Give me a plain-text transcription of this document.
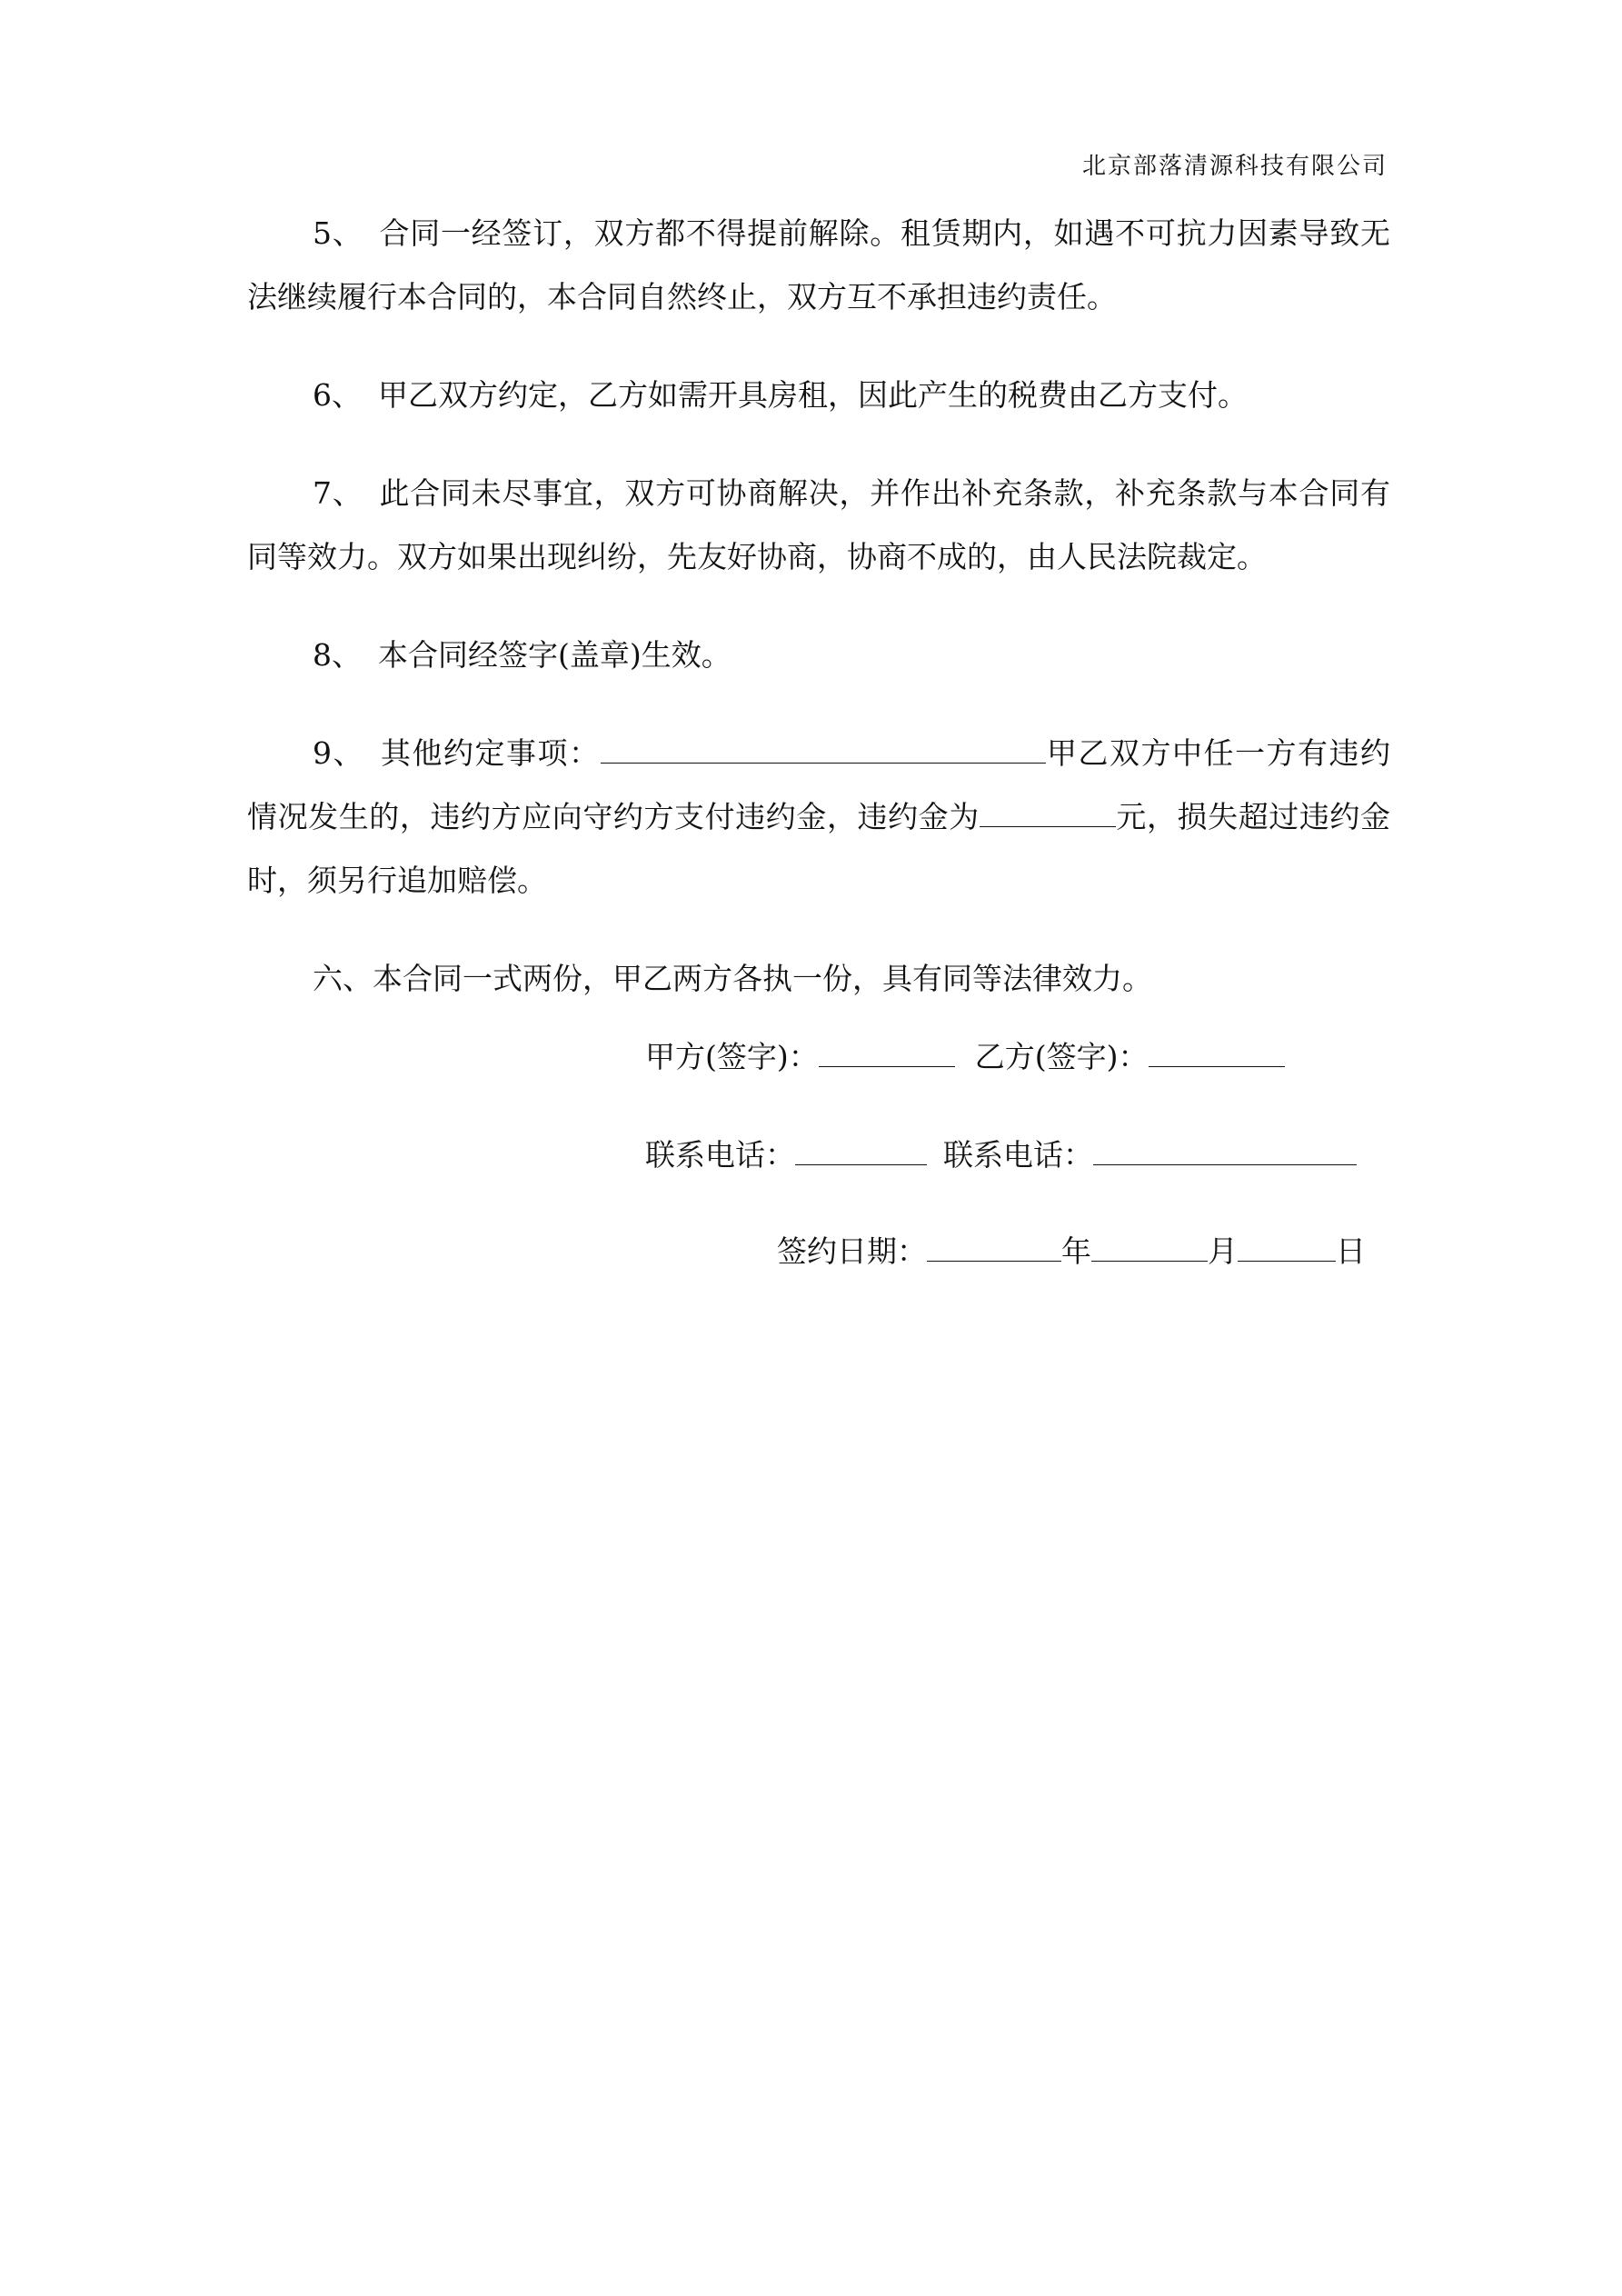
北京部落清源科技有限公司

5、 合同一经签订，双方都不得提前解除。租赁期内，如遇不可抗力因素导致无法继续履行本合同的，本合同自然终止，双方互不承担违约责任。

6、 甲乙双方约定，乙方如需开具房租，因此产生的税费由乙方支付。

7、 此合同未尽事宜，双方可协商解决，并作出补充条款，补充条款与本合同有同等效力。双方如果出现纠纷，先友好协商，协商不成的，由人民法院裁定。

8、 本合同经签字(盖章)生效。

9、 其他约定事项：	甲乙双方中任一方有违约情况发生的，违约方应向守约方支付违约金，违约金为	元，损失超过违约金时，须另行追加赔偿。

六、本合同一式两份，甲乙两方各执一份，具有同等法律效力。

甲方(签字)：	乙方(签字)：
联系电话：	联系电话：
签约日期：	年	月	日
